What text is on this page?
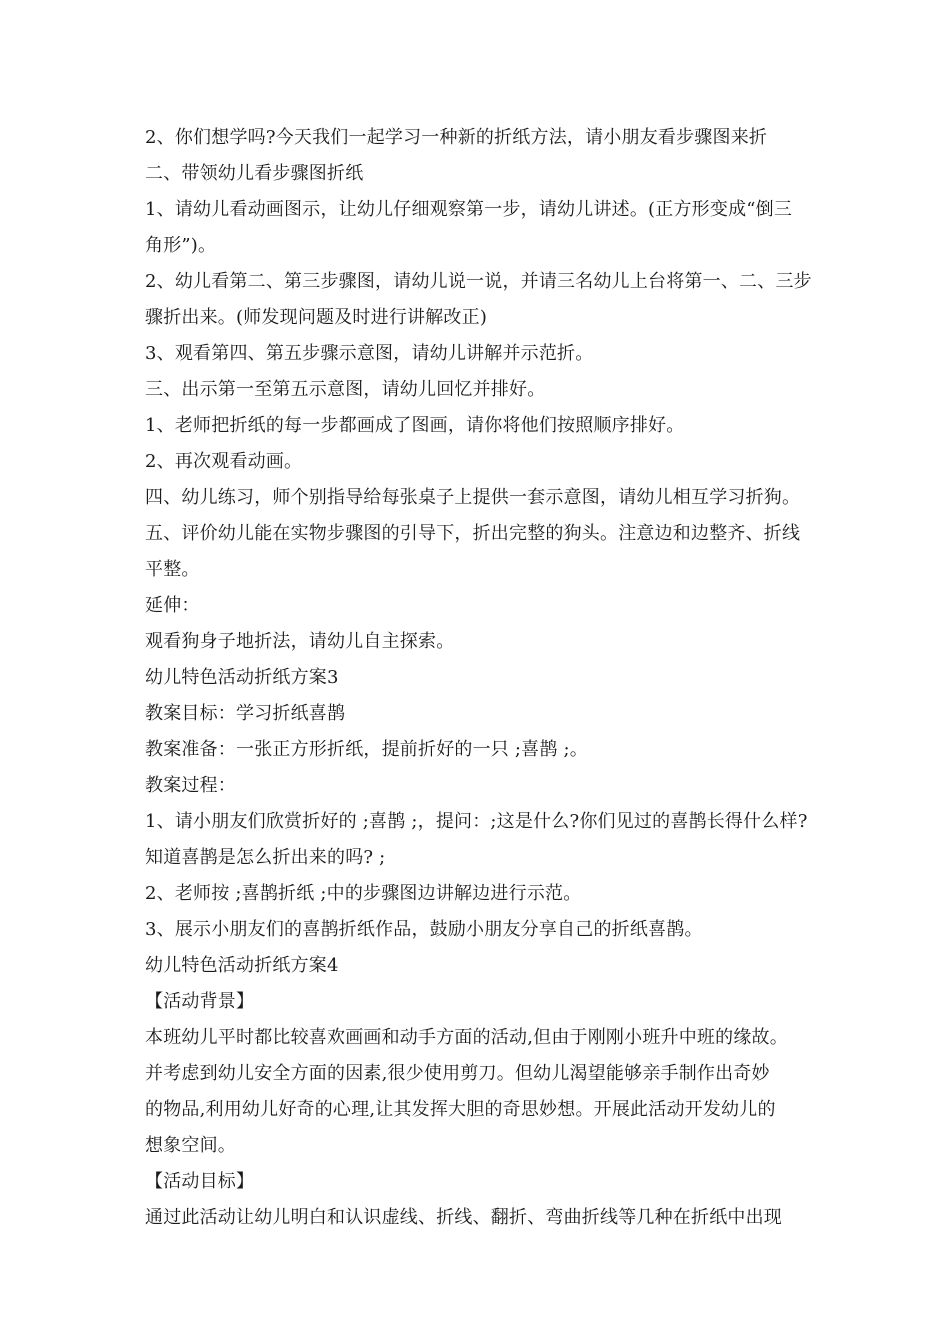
2、你们想学吗?今天我们一起学习一种新的折纸方法，请小朋友看步骤图来折
二、带领幼儿看步骤图折纸
1、请幼儿看动画图示，让幼儿仔细观察第一步，请幼儿讲述。(正方形变成“倒三
角形”)。
2、幼儿看第二、第三步骤图，请幼儿说一说，并请三名幼儿上台将第一、二、三步
骤折出来。(师发现问题及时进行讲解改正)
3、观看第四、第五步骤示意图，请幼儿讲解并示范折。
三、出示第一至第五示意图，请幼儿回忆并排好。
1、老师把折纸的每一步都画成了图画，请你将他们按照顺序排好。
2、再次观看动画。
四、幼儿练习，师个别指导给每张桌子上提供一套示意图，请幼儿相互学习折狗。
五、评价幼儿能在实物步骤图的引导下，折出完整的狗头。注意边和边整齐、折线
平整。
延伸：
观看狗身子地折法，请幼儿自主探索。
幼儿特色活动折纸方案3
教案目标：学习折纸喜鹊
教案准备：一张正方形折纸，提前折好的一只 ;喜鹊 ;。
教案过程：
1、请小朋友们欣赏折好的 ;喜鹊 ;，提问：;这是什么?你们见过的喜鹊长得什么样?
知道喜鹊是怎么折出来的吗? ;
2、老师按 ;喜鹊折纸 ;中的步骤图边讲解边进行示范。
3、展示小朋友们的喜鹊折纸作品，鼓励小朋友分享自己的折纸喜鹊。
幼儿特色活动折纸方案4
【活动背景】
本班幼儿平时都比较喜欢画画和动手方面的活动,但由于刚刚小班升中班的缘故。
并考虑到幼儿安全方面的因素,很少使用剪刀。但幼儿渴望能够亲手制作出奇妙
的物品,利用幼儿好奇的心理,让其发挥大胆的奇思妙想。开展此活动开发幼儿的
想象空间。
【活动目标】
通过此活动让幼儿明白和认识虚线、折线、翻折、弯曲折线等几种在折纸中出现
